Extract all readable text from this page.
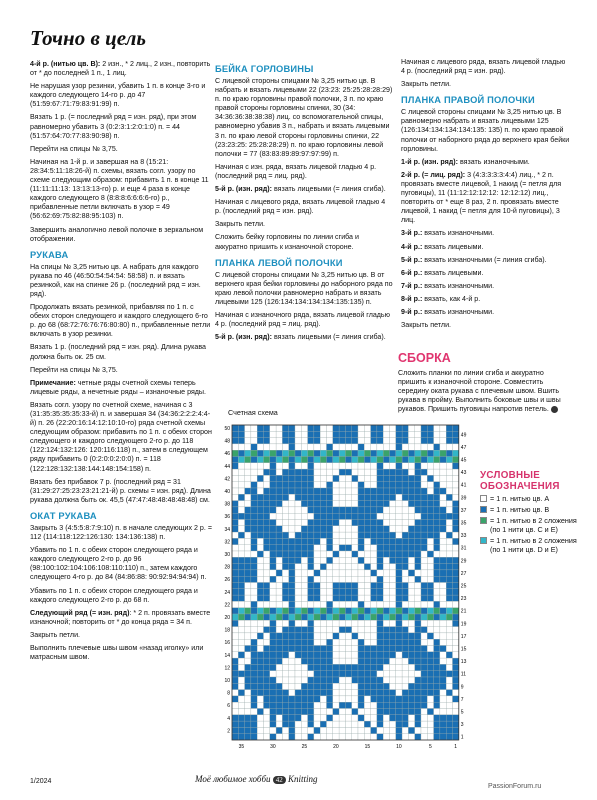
Точно в цель

4-й р. (нитью цв. В): 2 изн., * 2 лиц., 2 изн., повторить от * до последней 1 п., 1 лиц.

Не нарушая узор резинки, убавить 1 п. в конце 3-го и каждого следующего 14-го р. до 47 (51:59:67:71:79:83:91:99) п.

Вязать 1 р. (= последний ряд = изн. ряд), при этом равномерно убавить 3 (0:2:3:1:2:0:1:0) п. = 44 (51:57:64:70:77:83:90:98) п.

Перейти на спицы № 3,75.

Начиная на 1-й р. и завершая на 8 (15:21: 28:34:5:11:18:26-й) п. схемы, вязать согл. узору по схеме следующим образом: прибавить 1 п. в конце 11 (11:11:11:13: 13:13:13-го) р. и еще 4 раза в конце каждого следующего 8 (8:8:8:6:6:6:6-го) р., прибавленные петли включать в узор = 49 (56:62:69:75:82:88:95:103) п.

Завершить аналогично левой полочке в зеркальном отображении.

РУКАВА

На спицы № 3,25 нитью цв. А набрать для каждого рукава по 46 (46:50:54:54:54: 58:58) п. и вязать резинкой, как на спинке 26 р. (последний ряд = изн. ряд).

Продолжать вязать резинкой, прибавляя по 1 п. с обеих сторон следующего и каждого следующего 6-го р. до 68 (68:72:76:76:76:80:80) п., прибавленные петли включать в узор резинки.

Вязать 1 р. (последний ряд = изн. ряд). Длина рукава должна быть ок. 25 см.

Перейти на спицы № 3,75.

Примечание: четные ряды счетной схемы теперь лицевые ряды, а нечетные ряды – изнаночные ряды.

Вязать согл. узору по счетной схеме, начиная с 3 (31:35:35:35:35:33-й) п. и завершая 34 (34:36:2:2:2:4:4-й) п. 26 (22:20:16:14:12:10:10-го) ряда счетной схемы следующим образом: прибавить по 1 п. с обеих сторон следующего и каждого следующего 2-го р. до 118 (122:124:132:126: 120:116:118) п., затем в следующем ряду прибавить 0 (0:2:0:0:2:0:0) п. = 118 (122:128:132:138:144:148:154:158) п.

Вязать без прибавок 7 р. (последний ряд = 31 (31:29:27:25:23:23:21:21-й) р. схемы = изн. ряд). Длина рукава должна быть ок. 45,5 (47:47:48:48:48:48:48) см.

ОКАТ РУКАВА

Закрыть 3 (4:5:5:8:7:9:10) п. в начале следующих 2 р. = 112 (114:118:122:126:130: 134:136:138) п.

Убавить по 1 п. с обеих сторон следующего ряда и каждого следующего 2-го р. до 96 (98:100:102:104:106:108:110:110) п., затем каждого следующего 4-го р. до 84 (84:86:88: 90:92:94:94:94) п.

Убавить по 1 п. с обеих сторон следующего ряда и каждого следующего 2-го р. до 68 п.

Следующий ряд (= изн. ряд): * 2 п. провязать вместе изнаночной; повторить от * до конца ряда = 34 п.

Закрыть петли.

Выполнить плечевые швы швом «назад иголку» или матрасным швом.

БЕЙКА ГОРЛОВИНЫ

С лицевой стороны спицами № 3,25 нитью цв. В набрать и вязать лицевыми 22 (23:23: 25:25:28:28:29) п. по краю горловины правой полочки, 3 п. по краю правой стороны горловины спинки, 30 (34: 34:36:36:38:38:38) лиц. со вспомогательной спицы, равномерно убавив 3 п., набрать и вязать лицевыми 3 п. по краю левой стороны горловины спинки, 22 (23:23:25: 25:28:28:29) п. по краю горловины левой полочки = 77 (83:83:89:89:97:97:99) п.

Начиная с изн. ряда, вязать лицевой гладью 4 р. (последний ряд = лиц. ряд).

5-й р. (изн. ряд): вязать лицевыми (= линия сгиба).

Начиная с лицевого ряда, вязать лицевой гладью 4 р. (последний ряд = изн. ряд).

Закрыть петли.

Сложить бейку горловины по линии сгиба и аккуратно пришить к изнаночной стороне.

ПЛАНКА ЛЕВОЙ ПОЛОЧКИ

С лицевой стороны спицами № 3,25 нитью цв. В от верхнего края бейки горловины до наборного ряда по краю левой полочки равномерно набрать и вязать лицевыми 125 (126:134:134:134:134:135:135) п.

Начиная с изнаночного ряда, вязать лицевой гладью 4 р. (последний ряд = лиц. ряд).

5-й р. (изн. ряд): вязать лицевыми (= линия сгиба).

Начиная с лицевого ряда, вязать лицевой гладью 4 р. (последний ряд = изн. ряд).

Закрыть петли.

ПЛАНКА ПРАВОЙ ПОЛОЧКИ

С лицевой стороны спицами № 3,25 нитью цв. В равномерно набрать и вязать лицевыми 125 (126:134:134:134:134:135: 135) п. по краю правой полочки от наборного ряда до верхнего края бейки горловины.

1-й р. (изн. ряд): вязать изнаночными.

2-й р. (= лиц. ряд): 3 (4:3:3:3:3:4:4) лиц., * 2 п. провязать вместе лицевой, 1 накид (= петля для пуговицы), 11 (11:12:12:12:12: 12:12:12) лиц., повторить от * еще 8 раз, 2 п. провязать вместе лицевой, 1 накид (= петля для 10-й пуговицы), 3 лиц.

3-й р.: вязать изнаночными.

4-й р.: вязать лицевыми.

5-й р.: вязать изнаночными (= линия сгиба).

6-й р.: вязать лицевыми.

7-й р.: вязать изнаночными.

8-й р.: вязать, как 4-й р.

9-й р.: вязать изнаночными.

Закрыть петли.

СБОРКА

Сложить планки по линии сгиба и аккуратно пришить к изнаночной стороне. Совместить середину оката рукава с плечевым швом. Вшить рукава в пройму. Выполнить боковые швы и швы рукавов. Пришить пуговицы напротив петель.

Счетная схема
2
4
6
8
10
12
14
16
18
20
22
24
26
28
30
32
34
36
38
40
42
44
46
48
50
1
3
5
7
9
11
13
15
17
19
21
23
25
27
29
31
33
35
37
39
41
43
45
47
49
35	30	25	20	15	10	5	1
УСЛОВНЫЕ ОБОЗНАЧЕНИЯ
= 1 п. нитью цв. А
= 1 п. нитью цв. В
= 1 п. нитью в 2 сложения (по 1 нити цв. С и Е)
= 1 п. нитью в 2 сложения (по 1 нити цв. D и Е)
1/2024	Моё любимое хобби 42 Knitting
PassionForum.ru
